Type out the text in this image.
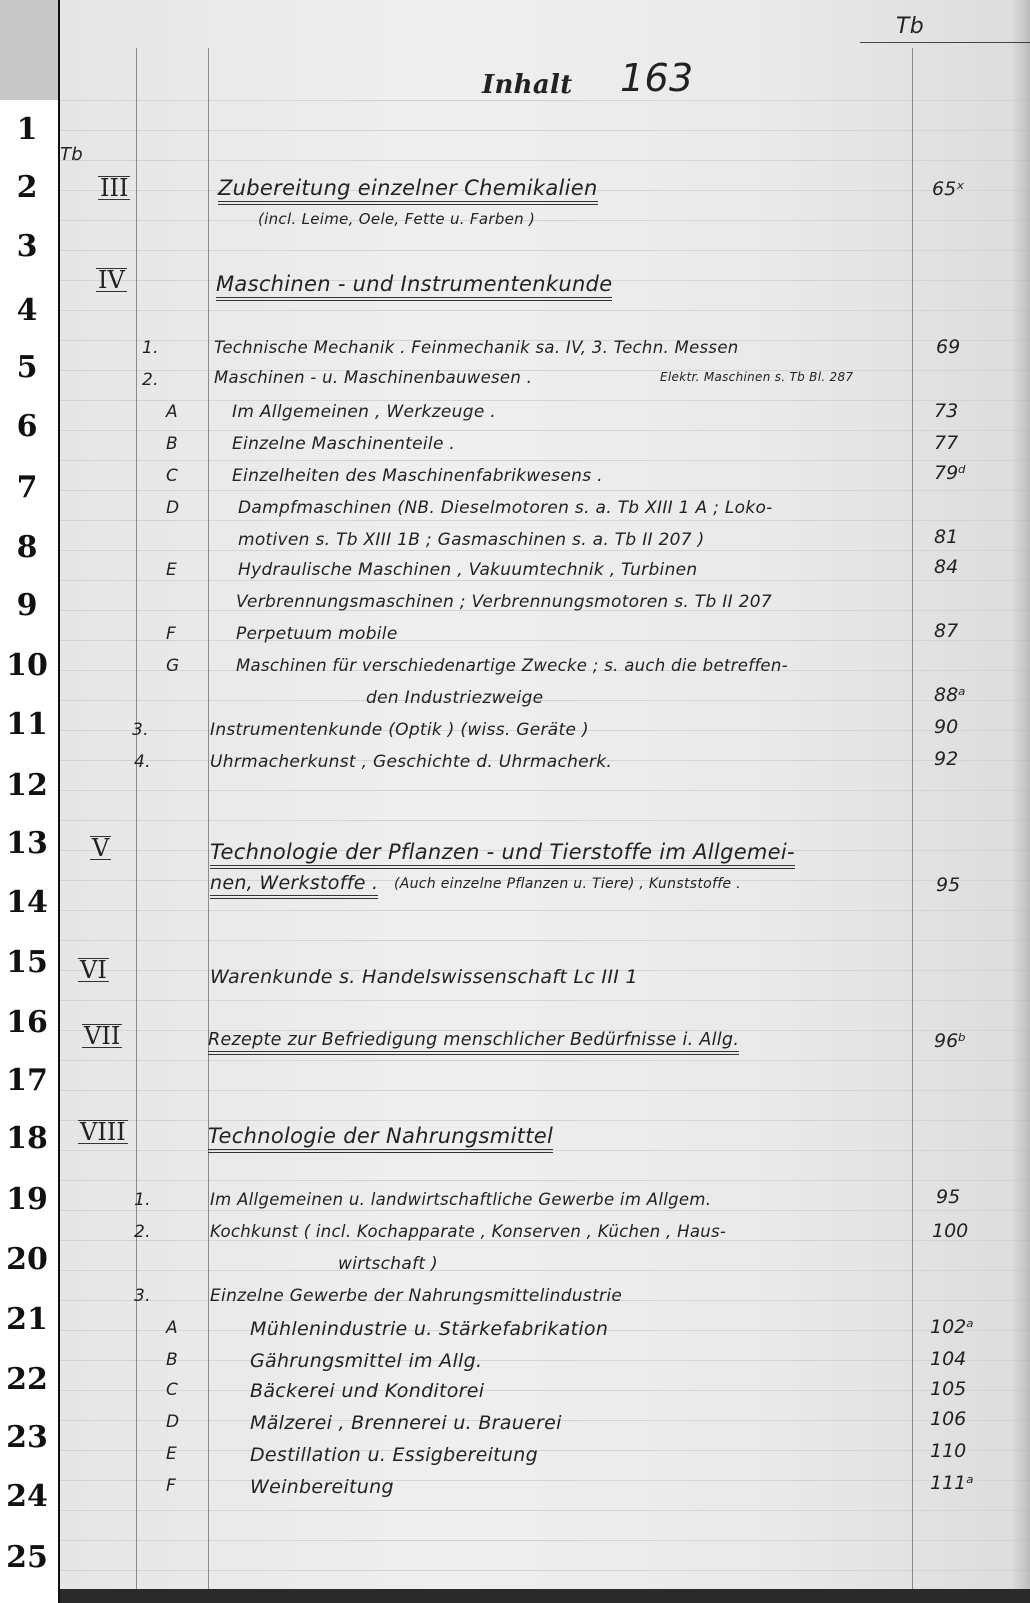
1
2
3
4
5
6
7
8
9
10
11
12
13
14
15
16
17
18
19
20
21
22
23
24
25
Tb
Inhalt 163
Tb
III	Zubereitung einzelner Chemikalien	65ˣ
(incl. Leime, Oele, Fette u. Farben )
IV	Maschinen - und Instrumentenkunde
1.	Technische Mechanik . Feinmechanik sa. IV, 3. Techn. Messen	69
2.	Maschinen - u. Maschinenbauwesen .	Elektr. Maschinen s. Tb Bl. 287
A	Im Allgemeinen , Werkzeuge .	73
B	Einzelne Maschinenteile .	77
C	Einzelheiten des Maschinenfabrikwesens .	79ᵈ
D	Dampfmaschinen (NB. Dieselmotoren s. a. Tb XIII 1 A ; Loko-
motiven s. Tb XIII 1B ; Gasmaschinen s. a. Tb II 207 )	81
E	Hydraulische Maschinen , Vakuumtechnik , Turbinen	84
Verbrennungsmaschinen ; Verbrennungsmotoren s. Tb II 207
F	Perpetuum mobile	87
G	Maschinen für verschiedenartige Zwecke ; s. auch die betreffen-
den Industriezweige	88ᵃ
3.	Instrumentenkunde (Optik ) (wiss. Geräte )	90
4.	Uhrmacherkunst , Geschichte d. Uhrmacherk.	92
V	Technologie der Pflanzen - und Tierstoffe im Allgemei-
nen, Werkstoffe . (Auch einzelne Pflanzen u. Tiere) , Kunststoffe .	95
VI	Warenkunde s. Handelswissenschaft Lc III 1
VII	Rezepte zur Befriedigung menschlicher Bedürfnisse i. Allg.	96ᵇ
VIII	Technologie der Nahrungsmittel
1.	Im Allgemeinen u. landwirtschaftliche Gewerbe im Allgem.	95
2.	Kochkunst ( incl. Kochapparate , Konserven , Küchen , Haus-	100
wirtschaft )
3.	Einzelne Gewerbe der Nahrungsmittelindustrie
A	Mühlenindustrie u. Stärkefabrikation	102ᵃ
B	Gährungsmittel im Allg.	104
C	Bäckerei und Konditorei	105
D	Mälzerei , Brennerei u. Brauerei	106
E	Destillation u. Essigbereitung	110
F	Weinbereitung	111ᵃ
